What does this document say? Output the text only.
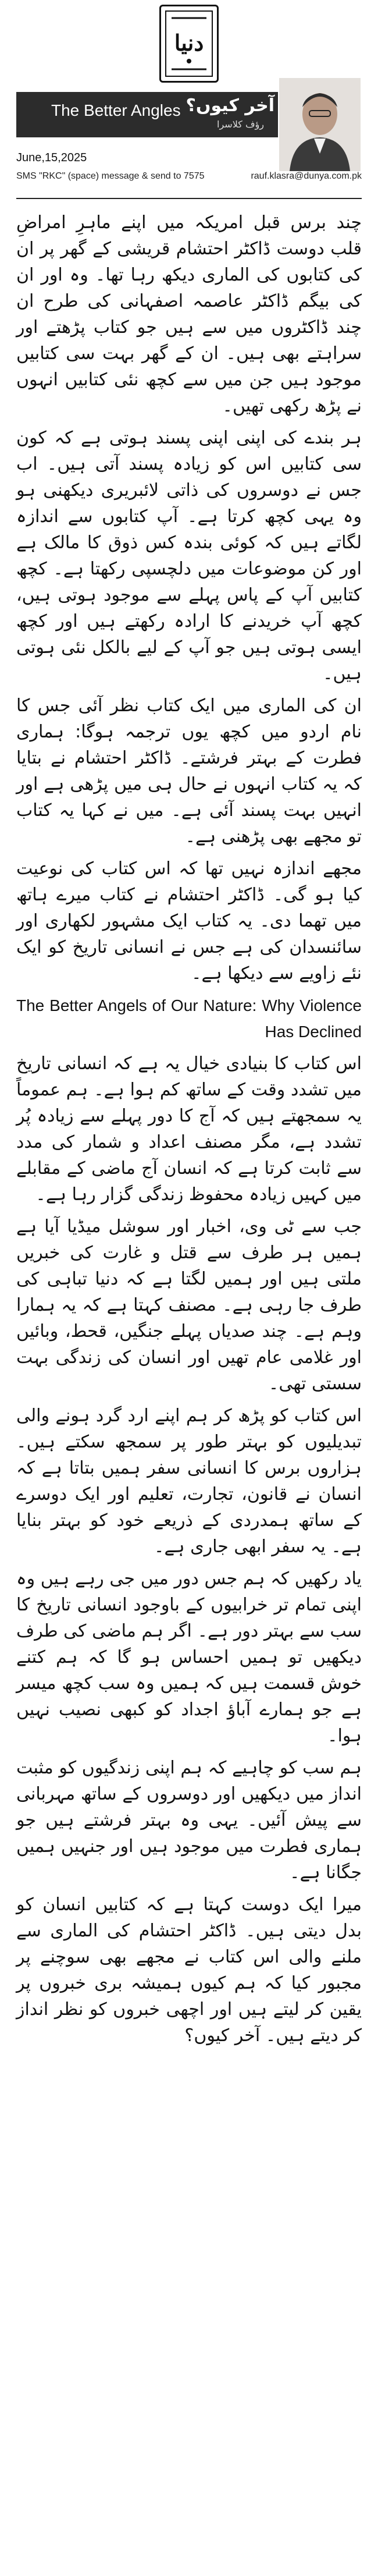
دنیا
The Better Angles آخر کیوں؟
رؤف کلاسرا
June,15,2025
SMS "RKC" (space) message & send to 7575	rauf.klasra@dunya.com.pk

چند برس قبل امریکہ میں اپنے ماہرِ امراضِ قلب دوست ڈاکٹر احتشام قریشی کے گھر پر ان کی کتابوں کی الماری دیکھ رہا تھا۔ وہ اور ان کی بیگم ڈاکٹر عاصمہ اصفہانی کی طرح ان چند ڈاکٹروں میں سے ہیں جو کتاب پڑھتے اور سراہتے بھی ہیں۔ ان کے گھر بہت سی کتابیں موجود ہیں جن میں سے کچھ نئی کتابیں انہوں نے پڑھ رکھی تھیں۔

ہر بندے کی اپنی اپنی پسند ہوتی ہے کہ کون سی کتابیں اس کو زیادہ پسند آتی ہیں۔ اب جس نے دوسروں کی ذاتی لائبریری دیکھنی ہو وہ یہی کچھ کرتا ہے۔ آپ کتابوں سے اندازہ لگاتے ہیں کہ کوئی بندہ کس ذوق کا مالک ہے اور کن موضوعات میں دلچسپی رکھتا ہے۔ کچھ کتابیں آپ کے پاس پہلے سے موجود ہوتی ہیں، کچھ آپ خریدنے کا ارادہ رکھتے ہیں اور کچھ ایسی ہوتی ہیں جو آپ کے لیے بالکل نئی ہوتی ہیں۔

ان کی الماری میں ایک کتاب نظر آئی جس کا نام اردو میں کچھ یوں ترجمہ ہوگا: ہماری فطرت کے بہتر فرشتے۔ ڈاکٹر احتشام نے بتایا کہ یہ کتاب انہوں نے حال ہی میں پڑھی ہے اور انہیں بہت پسند آئی ہے۔ میں نے کہا یہ کتاب تو مجھے بھی پڑھنی ہے۔

مجھے اندازہ نہیں تھا کہ اس کتاب کی نوعیت کیا ہو گی۔ ڈاکٹر احتشام نے کتاب میرے ہاتھ میں تھما دی۔ یہ کتاب ایک مشہور لکھاری اور سائنسدان کی ہے جس نے انسانی تاریخ کو ایک نئے زاویے سے دیکھا ہے۔

The Better Angels of Our Nature: Why Violence Has Declined

اس کتاب کا بنیادی خیال یہ ہے کہ انسانی تاریخ میں تشدد وقت کے ساتھ کم ہوا ہے۔ ہم عموماً یہ سمجھتے ہیں کہ آج کا دور پہلے سے زیادہ پُر تشدد ہے، مگر مصنف اعداد و شمار کی مدد سے ثابت کرتا ہے کہ انسان آج ماضی کے مقابلے میں کہیں زیادہ محفوظ زندگی گزار رہا ہے۔

جب سے ٹی وی، اخبار اور سوشل میڈیا آیا ہے ہمیں ہر طرف سے قتل و غارت کی خبریں ملتی ہیں اور ہمیں لگتا ہے کہ دنیا تباہی کی طرف جا رہی ہے۔ مصنف کہتا ہے کہ یہ ہمارا وہم ہے۔ چند صدیاں پہلے جنگیں، قحط، وبائیں اور غلامی عام تھیں اور انسان کی زندگی بہت سستی تھی۔

اس کتاب کو پڑھ کر ہم اپنے ارد گرد ہونے والی تبدیلیوں کو بہتر طور پر سمجھ سکتے ہیں۔ ہزاروں برس کا انسانی سفر ہمیں بتاتا ہے کہ انسان نے قانون، تجارت، تعلیم اور ایک دوسرے کے ساتھ ہمدردی کے ذریعے خود کو بہتر بنایا ہے۔ یہ سفر ابھی جاری ہے۔

یاد رکھیں کہ ہم جس دور میں جی رہے ہیں وہ اپنی تمام تر خرابیوں کے باوجود انسانی تاریخ کا سب سے بہتر دور ہے۔ اگر ہم ماضی کی طرف دیکھیں تو ہمیں احساس ہو گا کہ ہم کتنے خوش قسمت ہیں کہ ہمیں وہ سب کچھ میسر ہے جو ہمارے آباؤ اجداد کو کبھی نصیب نہیں ہوا۔

ہم سب کو چاہیے کہ ہم اپنی زندگیوں کو مثبت انداز میں دیکھیں اور دوسروں کے ساتھ مہربانی سے پیش آئیں۔ یہی وہ بہتر فرشتے ہیں جو ہماری فطرت میں موجود ہیں اور جنہیں ہمیں جگانا ہے۔

میرا ایک دوست کہتا ہے کہ کتابیں انسان کو بدل دیتی ہیں۔ ڈاکٹر احتشام کی الماری سے ملنے والی اس کتاب نے مجھے بھی سوچنے پر مجبور کیا کہ ہم کیوں ہمیشہ بری خبروں پر یقین کر لیتے ہیں اور اچھی خبروں کو نظر انداز کر دیتے ہیں۔ آخر کیوں؟
